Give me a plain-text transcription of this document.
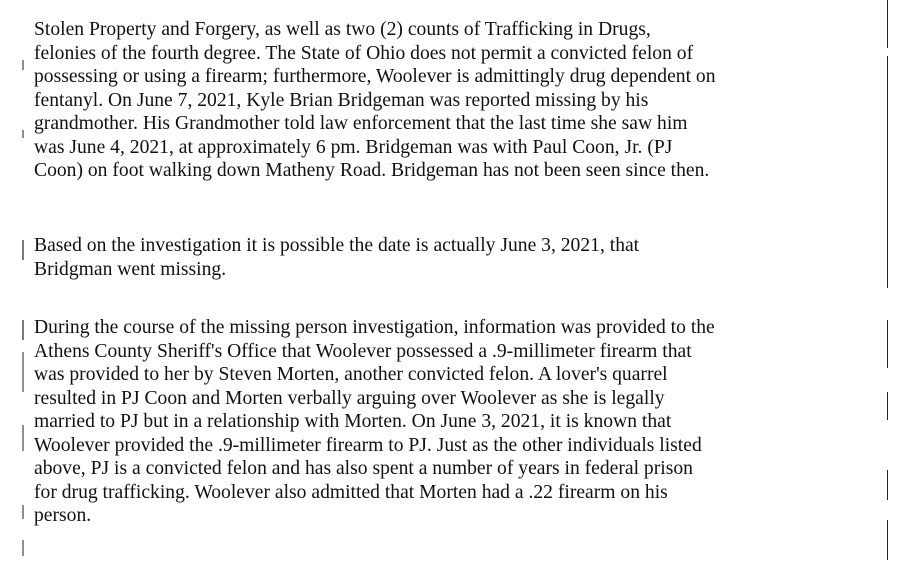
Stolen Property and Forgery, as well as two (2) counts of Trafficking in Drugs,
felonies of the fourth degree. The State of Ohio does not permit a convicted felon of
possessing or using a firearm; furthermore, Woolever is admittingly drug dependent on
fentanyl. On June 7, 2021, Kyle Brian Bridgeman was reported missing by his
grandmother. His Grandmother told law enforcement that the last time she saw him
was June 4, 2021, at approximately 6 pm. Bridgeman was with Paul Coon, Jr. (PJ
Coon) on foot walking down Matheny Road. Bridgeman has not been seen since then.
Based on the investigation it is possible the date is actually June 3, 2021, that
Bridgman went missing.
During the course of the missing person investigation, information was provided to the
Athens County Sheriff's Office that Woolever possessed a .9-millimeter firearm that
was provided to her by Steven Morten, another convicted felon. A lover's quarrel
resulted in PJ Coon and Morten verbally arguing over Woolever as she is legally
married to PJ but in a relationship with Morten. On June 3, 2021, it is known that
Woolever provided the .9-millimeter firearm to PJ. Just as the other individuals listed
above, PJ is a convicted felon and has also spent a number of years in federal prison
for drug trafficking. Woolever also admitted that Morten had a .22 firearm on his
person.
